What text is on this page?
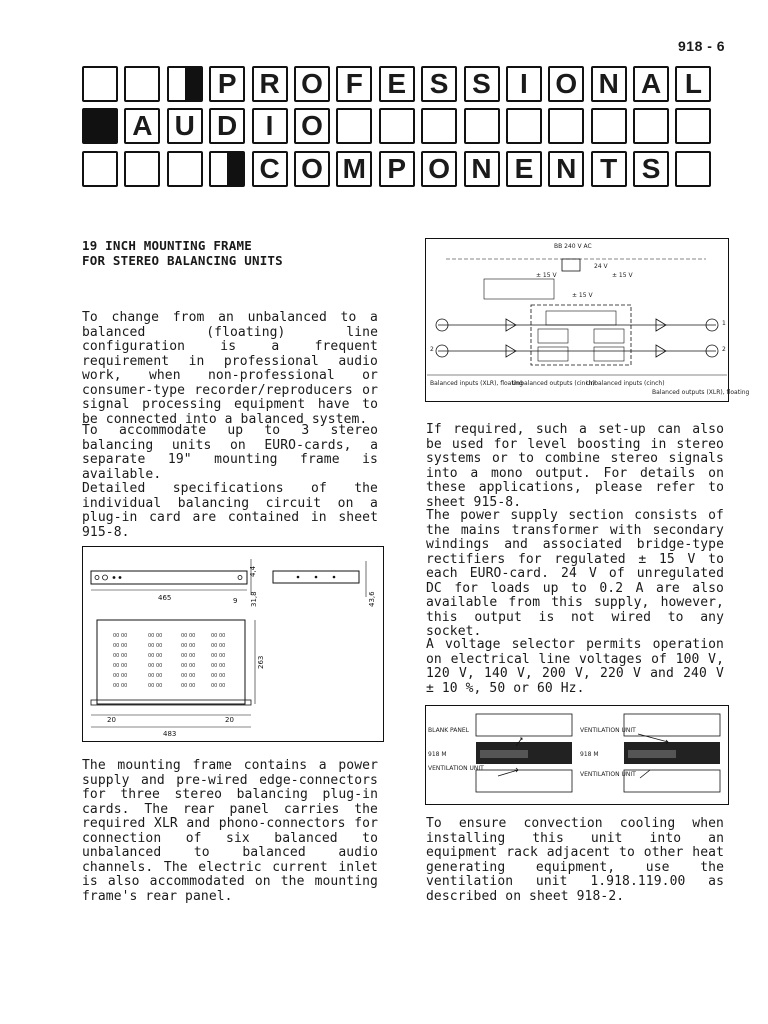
918 - 6
P R O F E S S	I O N A L
A U D	I O
C O M P O N E N T S
19 INCH MOUNTING FRAME
FOR STEREO BALANCING UNITS

To change from an unbalanced to a balanced (floating) line configuration is a frequent requirement in professional audio work, when non-professional or consumer-type recorder/reproducers or signal processing equipment have to be connected into a balanced system.

To accommodate up to 3 stereo balancing units on EURO-cards, a separate 19" mounting frame is available.

Detailed specifications of the individual balancing circuit on a plug-in card are contained in sheet 915-8.

465	9 31,8
4,4
43,6
00 00	00 00	00 00	00 00
00 00	00 00	00 00	00 00
00 00	00 00	00 00	00 00
00 00	00 00	00 00	00 00
00 00	00 00	00 00	00 00
00 00	00 00	00 00	00 00
263
20	20
483

The mounting frame contains a power supply and pre-wired edge-connectors for three stereo balancing plug-in cards. The rear panel carries the required XLR and phono-connectors for connection of six balanced to unbalanced to balanced audio channels. The electric current inlet is also accommodated on the mounting frame's rear panel.

BB 240 V AC
24 V
± 15 V	± 15 V
± 15 V
2
1
2
Balanced inputs (XLR), floating
Unbalanced outputs (cinch)
Unbalanced inputs (cinch)
Balanced outputs (XLR), floating

If required, such a set-up can also be used for level boosting in stereo systems or to combine stereo signals into a mono output. For details on these applications, please refer to sheet 915-8.

The power supply section consists of the mains transformer with secondary windings and associated bridge-type rectifiers for regulated ± 15 V to each EURO-card. 24 V of unregulated DC for loads up to 0.2 A are also available from this supply, however, this output is not wired to any socket.

A voltage selector permits operation on electrical line voltages of 100 V, 120 V, 140 V, 200 V, 220 V and 240 V ± 10 %, 50 or 60 Hz.

BLANK PANEL
918 M
VENTILATION UNIT
VENTILATION UNIT
918 M
VENTILATION UNIT

To ensure convection cooling when installing this unit into an equipment rack adjacent to other heat generating equipment, use the ventilation unit 1.918.119.00 as described on sheet 918-2.
